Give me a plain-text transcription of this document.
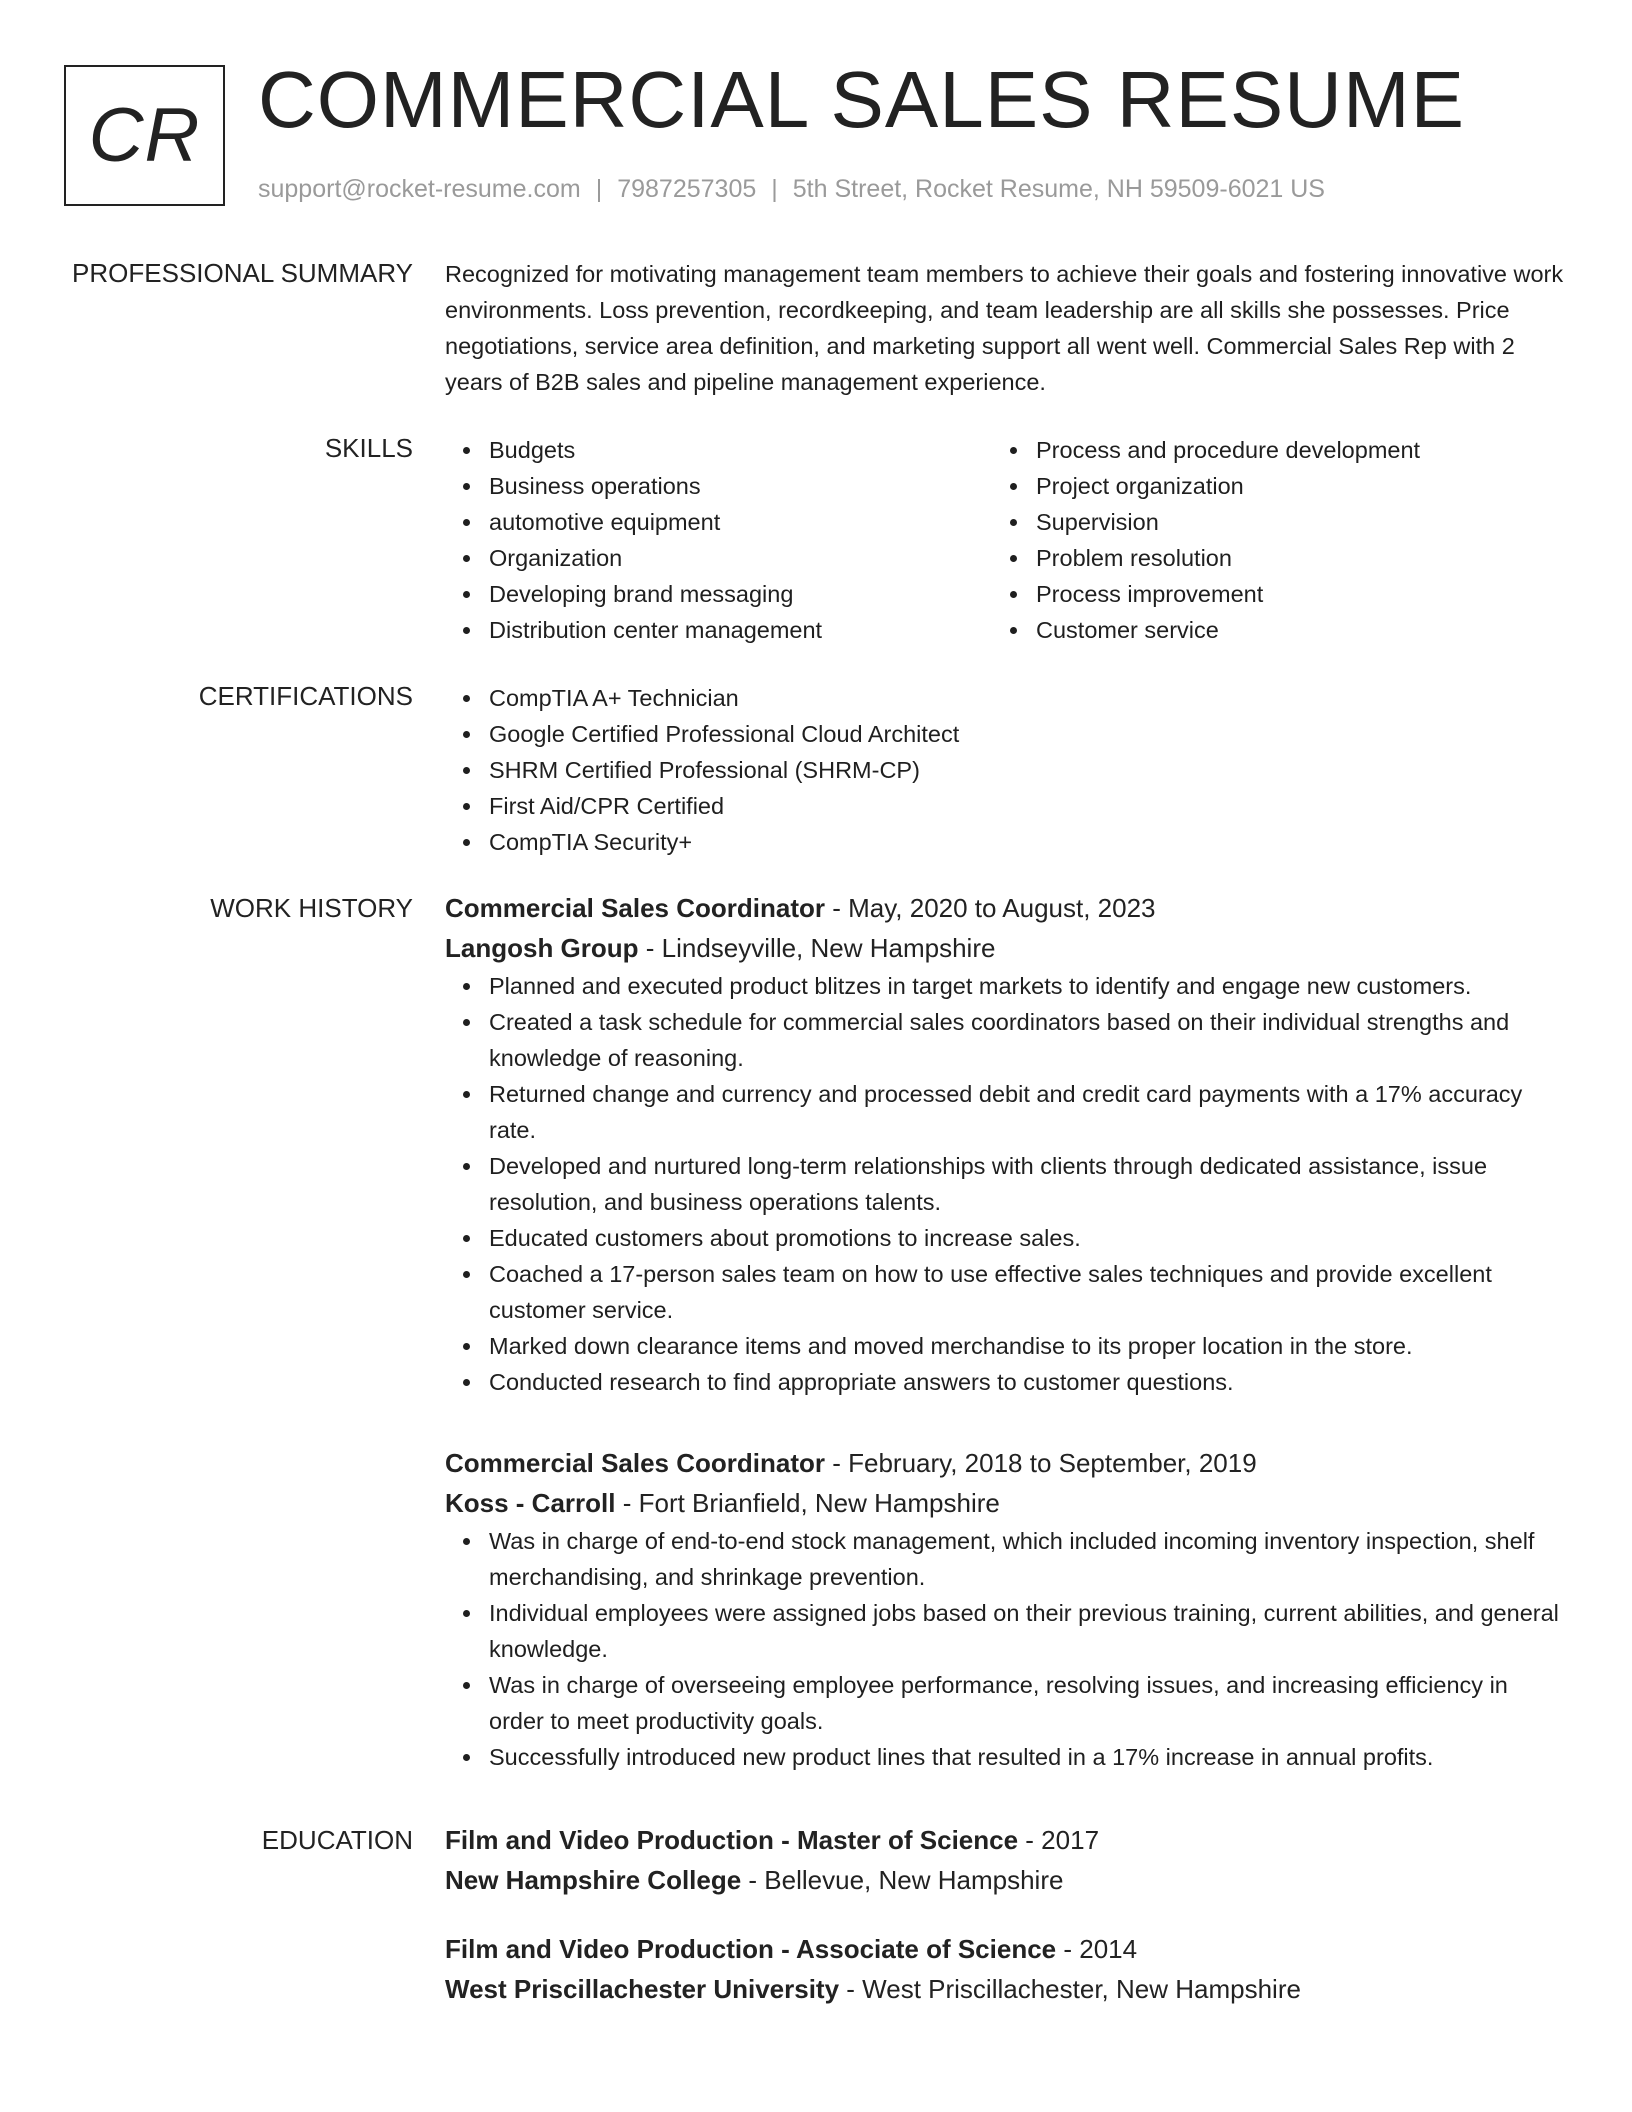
CR COMMERCIAL SALES RESUME
support@rocket-resume.com | 7987257305 | 5th Street, Rocket Resume, NH 59509-6021 US
PROFESSIONAL SUMMARY Recognized for motivating management team members to achieve their goals and fostering innovative work environments. Loss prevention, recordkeeping, and team leadership are all skills she possesses. Price negotiations, service area definition, and marketing support all went well. Commercial Sales Rep with 2 years of B2B sales and pipeline management experience.
SKILLS	Budgets
Business operations
automotive equipment
Organization
Developing brand messaging
Distribution center management
Process and procedure development
Project organization
Supervision
Problem resolution
Process improvement
Customer service
CERTIFICATIONS	CompTIA A+ Technician
Google Certified Professional Cloud Architect
SHRM Certified Professional (SHRM-CP)
First Aid/CPR Certified
CompTIA Security+
WORK HISTORY Commercial Sales Coordinator - May, 2020 to August, 2023
Langosh Group - Lindseyville, New Hampshire
Planned and executed product blitzes in target markets to identify and engage new customers.
Created a task schedule for commercial sales coordinators based on their individual strengths and knowledge of reasoning.
Returned change and currency and processed debit and credit card payments with a 17% accuracy rate.
Developed and nurtured long-term relationships with clients through dedicated assistance, issue resolution, and business operations talents.
Educated customers about promotions to increase sales.
Coached a 17-person sales team on how to use effective sales techniques and provide excellent customer service.
Marked down clearance items and moved merchandise to its proper location in the store.
Conducted research to find appropriate answers to customer questions.
Commercial Sales Coordinator - February, 2018 to September, 2019
Koss - Carroll - Fort Brianfield, New Hampshire
Was in charge of end-to-end stock management, which included incoming inventory inspection, shelf merchandising, and shrinkage prevention.
Individual employees were assigned jobs based on their previous training, current abilities, and general knowledge.
Was in charge of overseeing employee performance, resolving issues, and increasing efficiency in order to meet productivity goals.
Successfully introduced new product lines that resulted in a 17% increase in annual profits.
EDUCATION Film and Video Production - Master of Science - 2017
New Hampshire College - Bellevue, New Hampshire
Film and Video Production - Associate of Science - 2014
West Priscillachester University - West Priscillachester, New Hampshire
